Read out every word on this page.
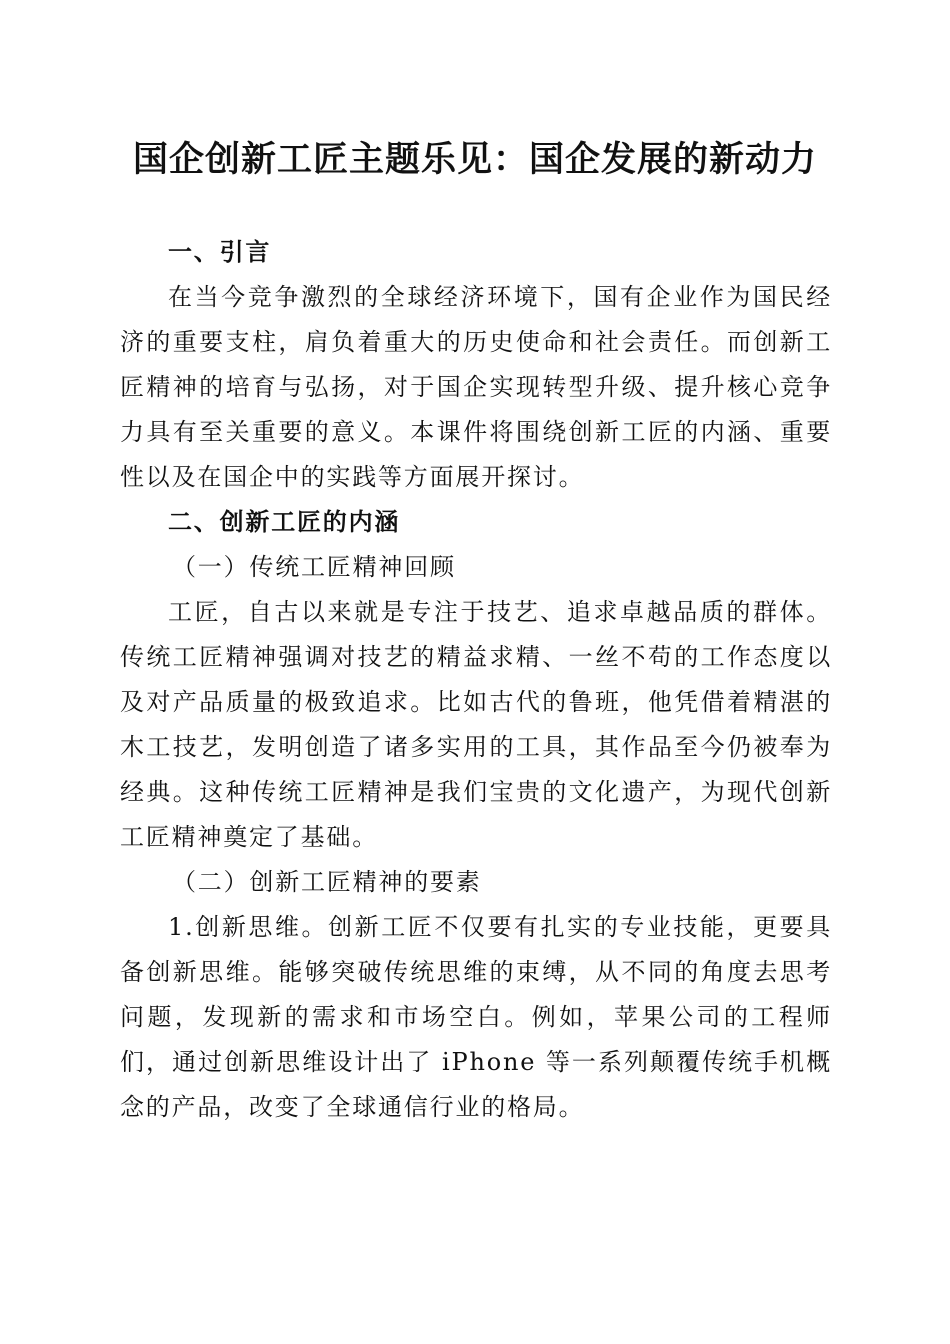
国企创新工匠主题乐见：国企发展的新动力

一、引言

在当今竞争激烈的全球经济环境下，国有企业作为国民经济的重要支柱，肩负着重大的历史使命和社会责任。而创新工匠精神的培育与弘扬，对于国企实现转型升级、提升核心竞争力具有至关重要的意义。本课件将围绕创新工匠的内涵、重要性以及在国企中的实践等方面展开探讨。

二、创新工匠的内涵

（一）传统工匠精神回顾

工匠，自古以来就是专注于技艺、追求卓越品质的群体。传统工匠精神强调对技艺的精益求精、一丝不苟的工作态度以及对产品质量的极致追求。比如古代的鲁班，他凭借着精湛的木工技艺，发明创造了诸多实用的工具，其作品至今仍被奉为经典。这种传统工匠精神是我们宝贵的文化遗产，为现代创新工匠精神奠定了基础。

（二）创新工匠精神的要素

1.创新思维。创新工匠不仅要有扎实的专业技能，更要具备创新思维。能够突破传统思维的束缚，从不同的角度去思考问题，发现新的需求和市场空白。例如，苹果公司的工程师们，通过创新思维设计出了 iPhone 等一系列颠覆传统手机概念的产品，改变了全球通信行业的格局。
